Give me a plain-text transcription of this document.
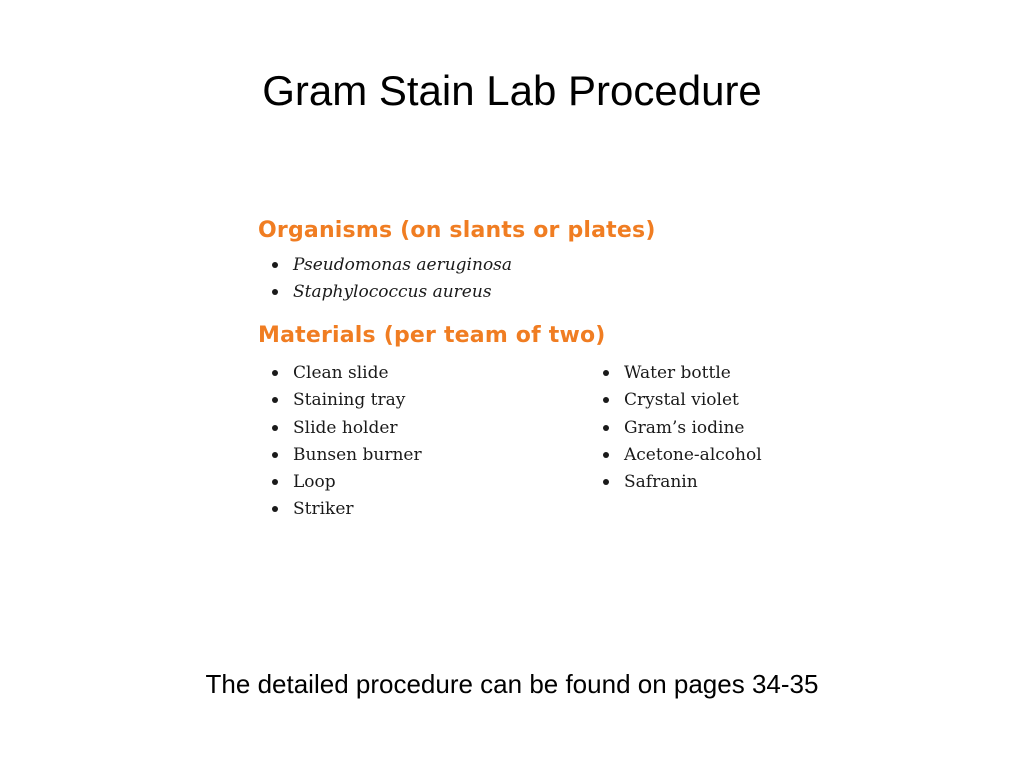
Gram Stain Lab Procedure
Organisms (on slants or plates)
Pseudomonas aeruginosa
Staphylococcus aureus
Materials (per team of two)
Clean slide
Staining tray
Slide holder
Bunsen burner
Loop
Striker
Water bottle
Crystal violet
Gram’s iodine
Acetone-alcohol
Safranin
The detailed procedure can be found on pages 34-35
